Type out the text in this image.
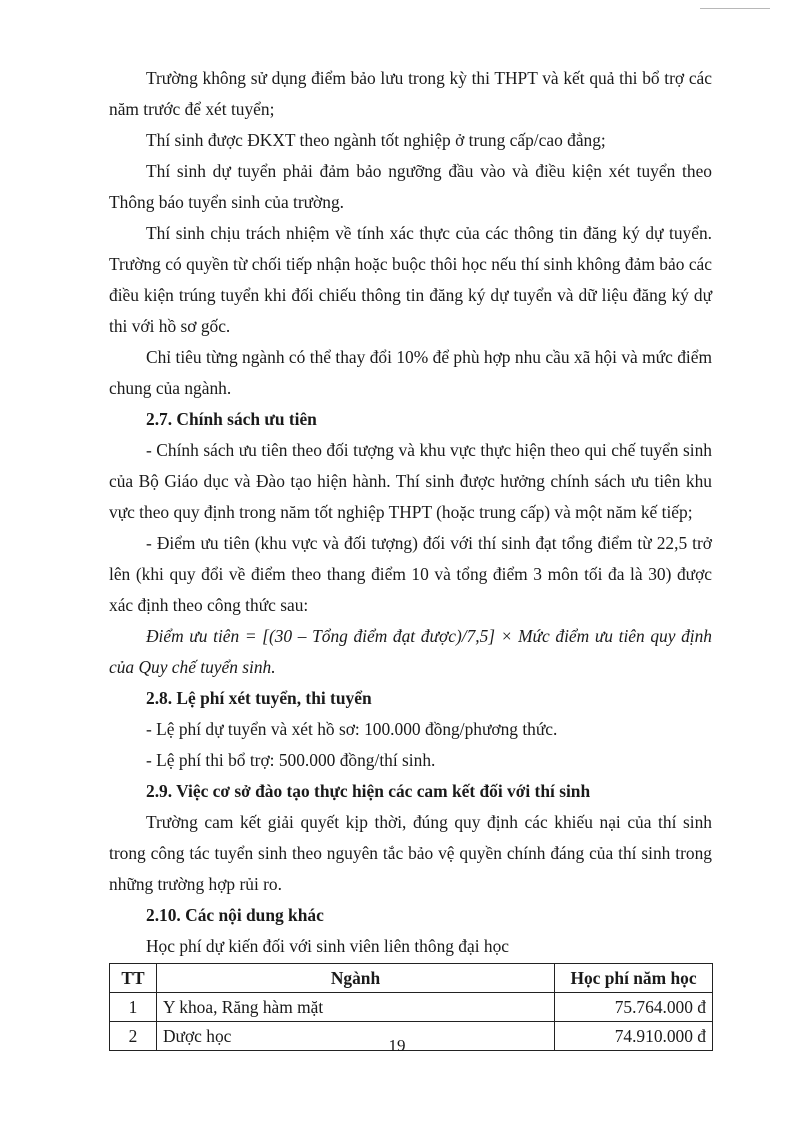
Trường không sử dụng điểm bảo lưu trong kỳ thi THPT và kết quả thi bổ trợ các năm trước để xét tuyển;

Thí sinh được ĐKXT theo ngành tốt nghiệp ở trung cấp/cao đẳng;

Thí sinh dự tuyển phải đảm bảo ngưỡng đầu vào và điều kiện xét tuyển theo Thông báo tuyển sinh của trường.

Thí sinh chịu trách nhiệm về tính xác thực của các thông tin đăng ký dự tuyển. Trường có quyền từ chối tiếp nhận hoặc buộc thôi học nếu thí sinh không đảm bảo các điều kiện trúng tuyển khi đối chiếu thông tin đăng ký dự tuyển và dữ liệu đăng ký dự thi với hồ sơ gốc.

Chỉ tiêu từng ngành có thể thay đổi 10% để phù hợp nhu cầu xã hội và mức điểm chung của ngành.

2.7. Chính sách ưu tiên

- Chính sách ưu tiên theo đối tượng và khu vực thực hiện theo qui chế tuyển sinh của Bộ Giáo dục và Đào tạo hiện hành. Thí sinh được hưởng chính sách ưu tiên khu vực theo quy định trong năm tốt nghiệp THPT (hoặc trung cấp) và một năm kế tiếp;

- Điểm ưu tiên (khu vực và đối tượng) đối với thí sinh đạt tổng điểm từ 22,5 trở lên (khi quy đổi về điểm theo thang điểm 10 và tổng điểm 3 môn tối đa là 30) được xác định theo công thức sau:

Điểm ưu tiên = [(30 – Tổng điểm đạt được)/7,5] × Mức điểm ưu tiên quy định của Quy chế tuyển sinh.

2.8. Lệ phí xét tuyển, thi tuyển

- Lệ phí dự tuyển và xét hồ sơ: 100.000 đồng/phương thức.

- Lệ phí thi bổ trợ: 500.000 đồng/thí sinh.

2.9. Việc cơ sở đào tạo thực hiện các cam kết đối với thí sinh

Trường cam kết giải quyết kịp thời, đúng quy định các khiếu nại của thí sinh trong công tác tuyển sinh theo nguyên tắc bảo vệ quyền chính đáng của thí sinh trong những trường hợp rủi ro.

2.10. Các nội dung khác

Học phí dự kiến đối với sinh viên liên thông đại học

TT	Ngành	Học phí năm học
1	Y khoa, Răng hàm mặt	75.764.000 đ
2	Dược học	74.910.000 đ
19
